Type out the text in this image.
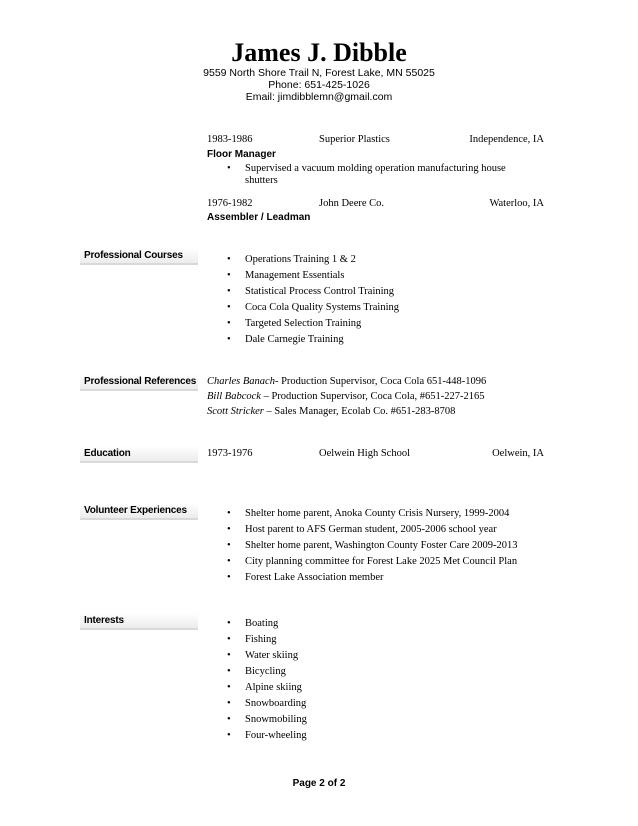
James J. Dibble
9559 North Shore Trail N, Forest Lake, MN 55025
Phone: 651-425-1026
Email: jimdibblemn@gmail.com
1983-1986	Superior Plastics	Independence, IA
Floor Manager
• Supervised a vacuum molding operation manufacturing house shutters
1976-1982	John Deere Co.	Waterloo, IA
Assembler / Leadman
Professional Courses	• Operations Training 1 & 2
• Management Essentials
• Statistical Process Control Training
• Coca Cola Quality Systems Training
• Targeted Selection Training
• Dale Carnegie Training
Professional References Charles Banach- Production Supervisor, Coca Cola 651-448-1096
Bill Babcock – Production Supervisor, Coca Cola, #651-227-2165
Scott Stricker – Sales Manager, Ecolab Co. #651-283-8708
Education	1973-1976	Oelwein High School	Oelwein, IA
Volunteer Experiences	• Shelter home parent, Anoka County Crisis Nursery, 1999-2004
• Host parent to AFS German student, 2005-2006 school year
• Shelter home parent, Washington County Foster Care 2009-2013
• City planning committee for Forest Lake 2025 Met Council Plan
• Forest Lake Association member
Interests	• Boating
• Fishing
• Water skiing
• Bicycling
• Alpine skiing
• Snowboarding
• Snowmobiling
• Four-wheeling
Page 2 of 2
